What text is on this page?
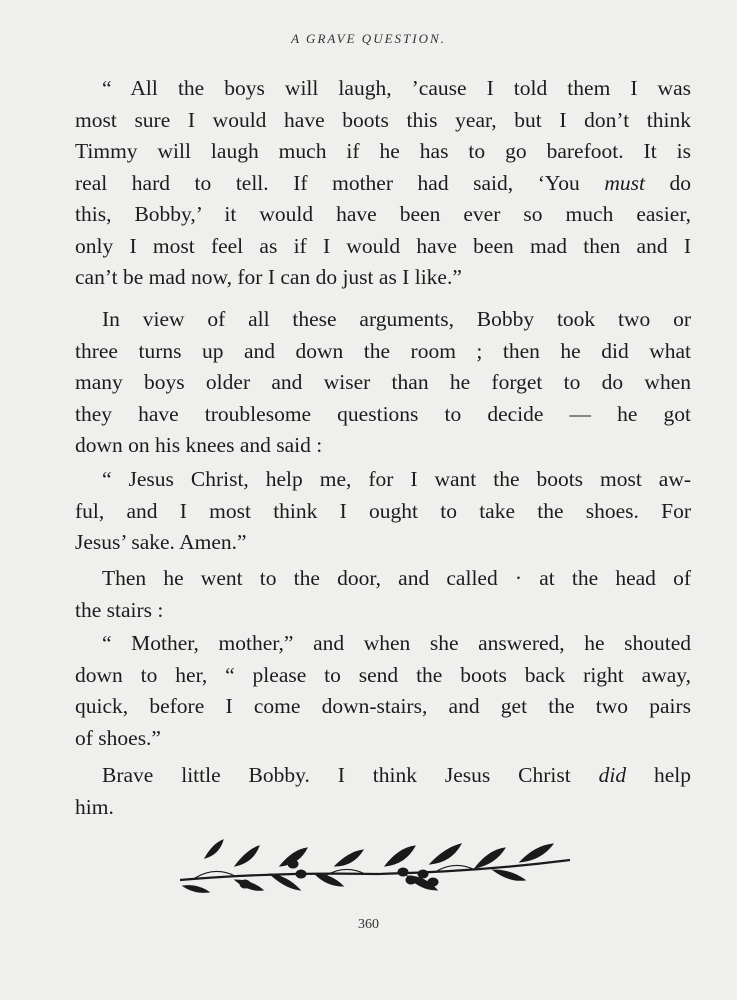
A GRAVE QUESTION.

“ All the boys will laugh, ’cause I told them I was
most sure I would have boots this year, but I don’t think
Timmy will laugh much if he has to go barefoot. It is
real hard to tell. If mother had said, ‘You must do
this, Bobby,’ it would have been ever so much easier,
only I most feel as if I would have been mad then and I
can’t be mad now, for I can do just as I like.”

In view of all these arguments, Bobby took two or
three turns up and down the room ; then he did what
many boys older and wiser than he forget to do when
they have troublesome questions to decide — he got
down on his knees and said :

“ Jesus Christ, help me, for I want the boots most aw-
ful, and I most think I ought to take the shoes. For
Jesus’ sake. Amen.”

Then he went to the door, and called · at the head of
the stairs :

“ Mother, mother,” and when she answered, he shouted
down to her, “ please to send the boots back right away,
quick, before I come down-stairs, and get the two pairs
of shoes.”

Brave little Bobby. I think Jesus Christ did help
him.

360
